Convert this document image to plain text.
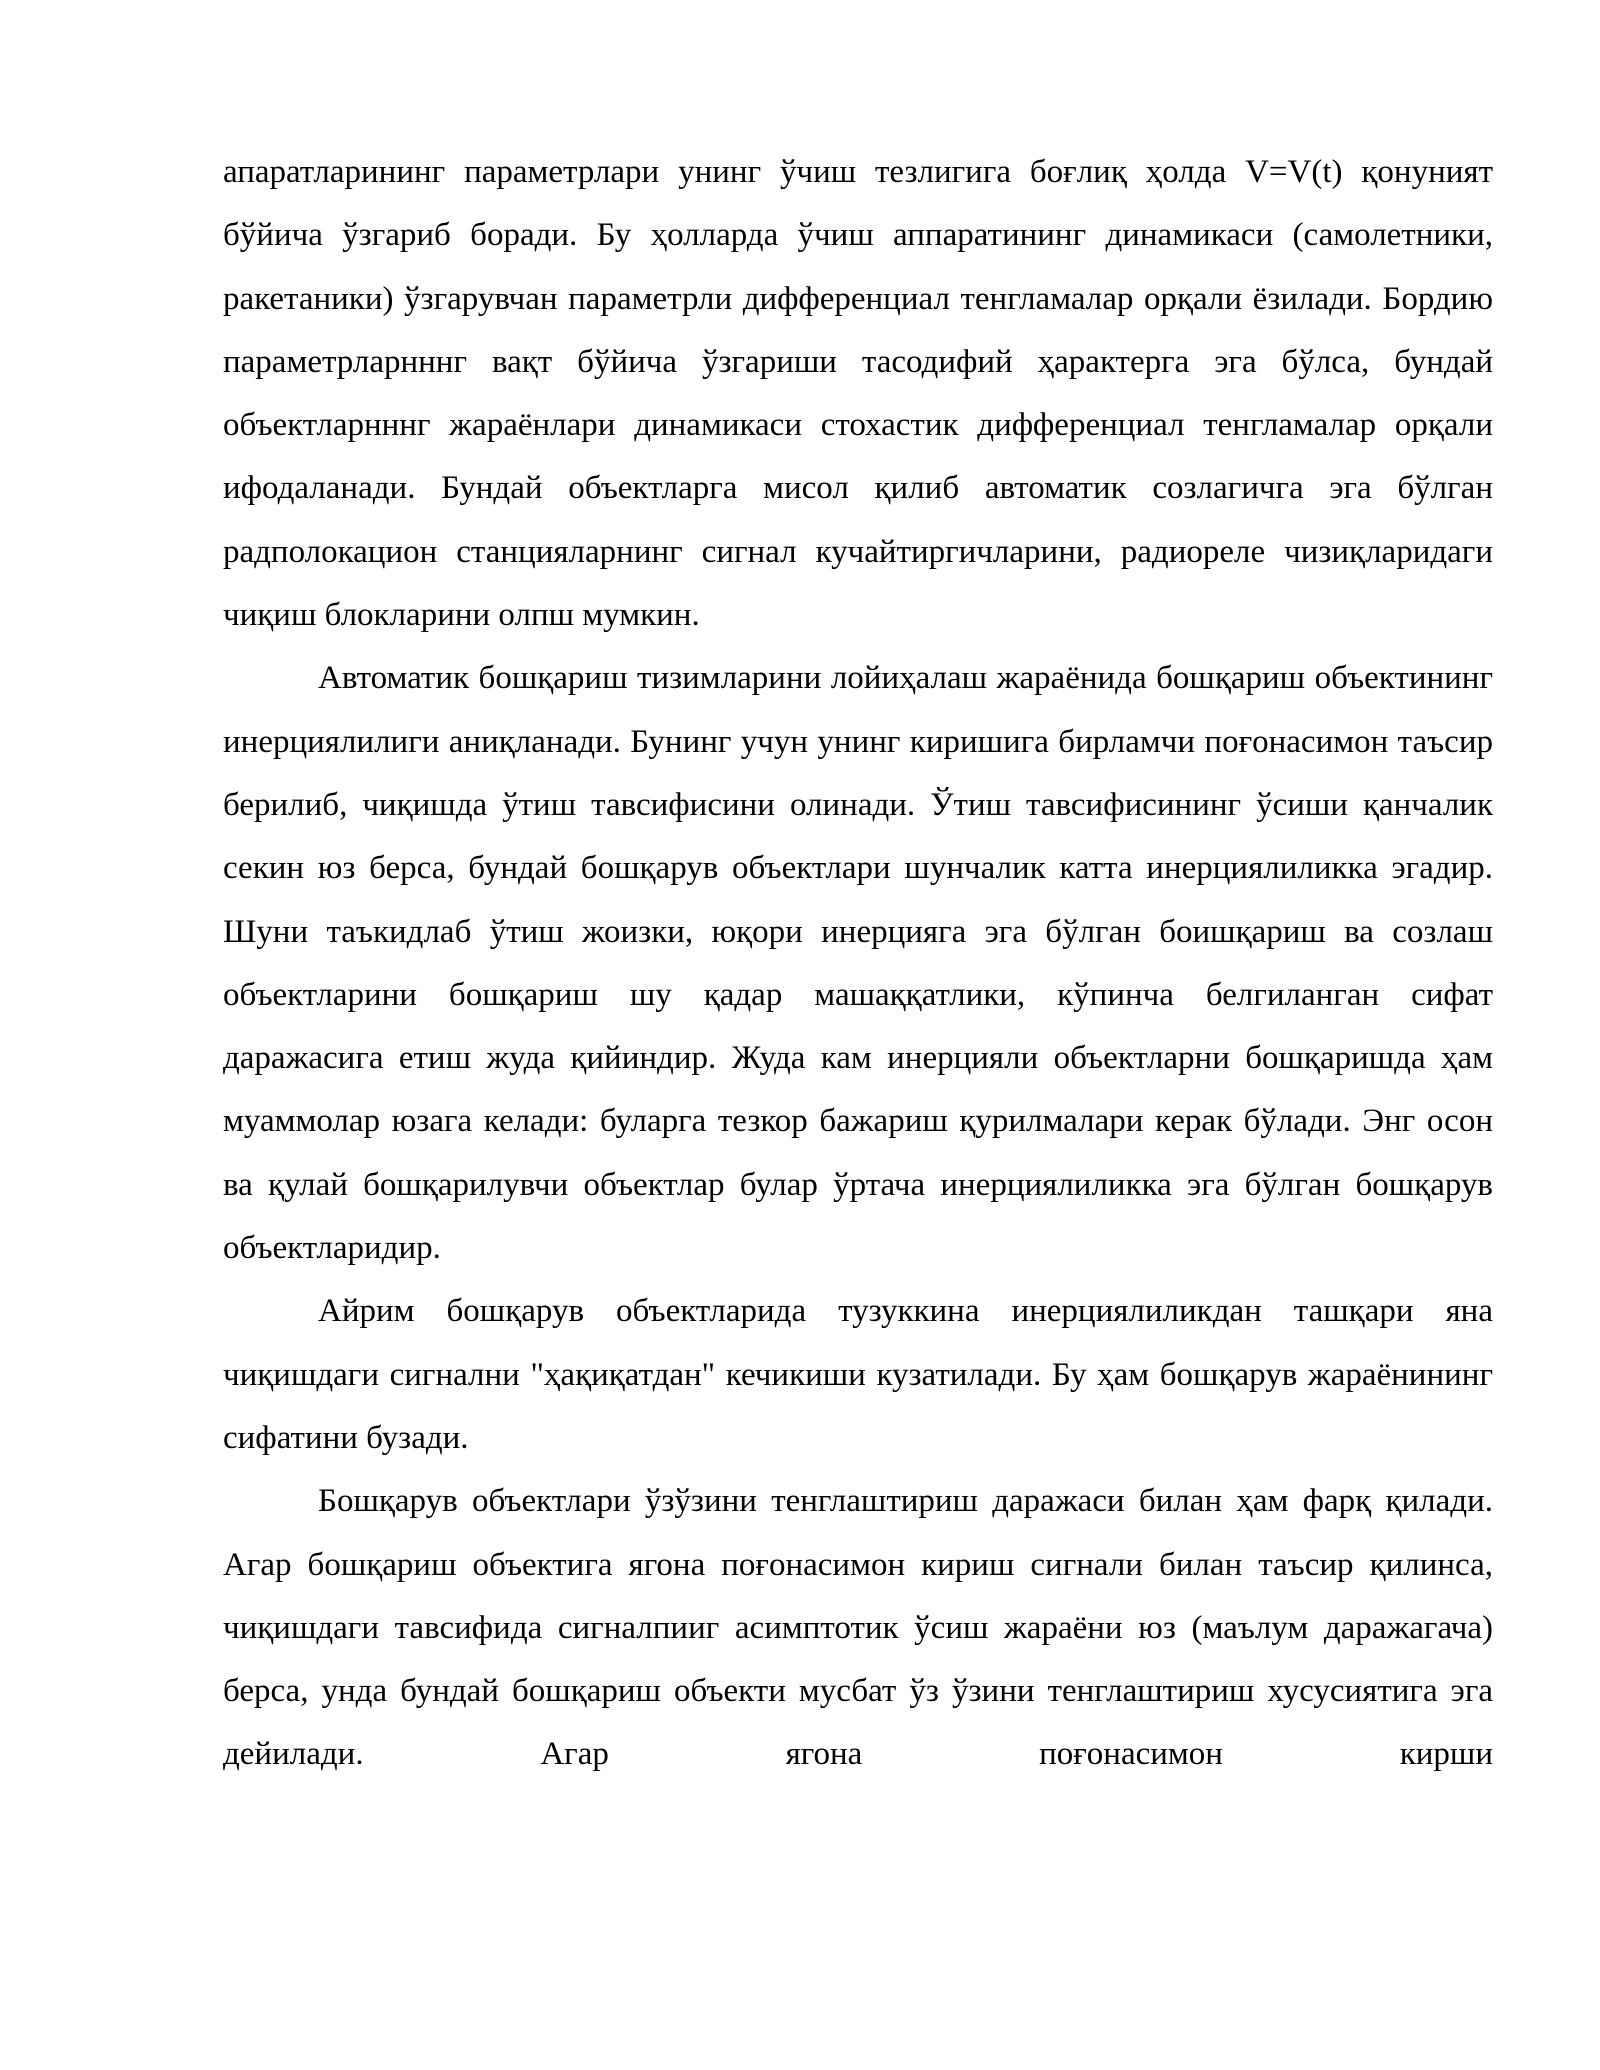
апаратларининг параметрлари унинг ўчиш тезлигига боғлиқ ҳолда V=V(t) қонуният бўйича ўзгариб боради. Бу ҳолларда ўчиш аппаратининг динамикаси (самолетники, ракетаники) ўзгарувчан параметрли дифференциал тенгламалар орқали ёзилади. Бордию параметрларнннг вақт бўйича ўзгариши тасодифий ҳарактерга эга бўлса, бундай объектларнннг жараёнлари динамикаси стохастик дифференциал тенгламалар орқали ифодаланади. Бундай объектларга мисол қилиб автоматик созлагичга эга бўлган радполокацион станцияларнинг сигнал кучайтиргичларини, радиореле чизиқларидаги чиқиш блокларини олпш мумкин.

Автоматик бошқариш тизимларини лойиҳалаш жараёнида бошқариш объектининг инерциялилиги аниқланади. Бунинг учун унинг киришига бирламчи поғонасимон таъсир берилиб, чиқишда ўтиш тавсифисини олинади. Ўтиш тавсифисининг ўсиши қанчалик секин юз берса, бундай бошқарув объектлари шунчалик катта инерциялиликка эгадир. Шуни таъкидлаб ўтиш жоизки, юқори инерцияга эга бўлган боишқариш ва созлаш объектларини бошқариш шу қадар машаққатлики, кўпинча белгиланган сифат даражасига етиш жуда қийиндир. Жуда кам инерцияли объектларни бошқаришда ҳам муаммолар юзага келади: буларга тезкор бажариш қурилмалари керак бўлади. Энг осон ва қулай бошқарилувчи объектлар булар ўртача инерциялиликка эга бўлган бошқарув объектларидир.

Айрим бошқарув объектларида тузуккина инерциялиликдан ташқари яна чиқишдаги сигнални "ҳақиқатдан" кечикиши кузатилади. Бу ҳам бошқарув жараёнининг сифатини бузади.

Бошқарув объектлари ўзўзини тенглаштириш даражаси билан ҳам фарқ қилади. Агар бошқариш объектига ягона поғонасимон кириш сигнали билан таъсир қилинса, чиқишдаги тавсифида сигналпииг асимптотик ўсиш жараёни юз (маълум даражагача) берса, унда бундай бошқариш объекти мусбат ўз ўзини тенглаштириш хусусиятига эга дейилади. Агар ягона поғонасимон кирши
